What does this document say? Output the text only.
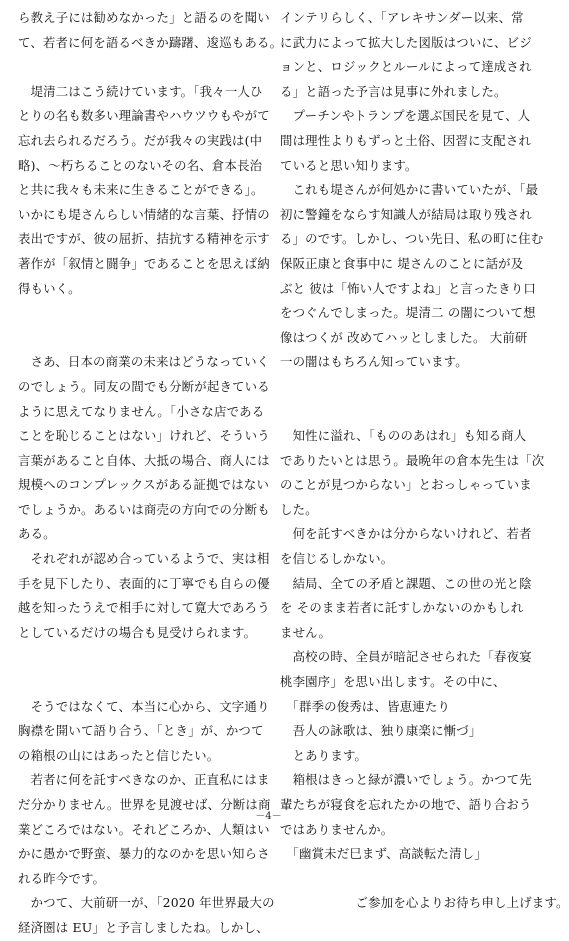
ら教え子には勧めなかった」と語るのを聞い
て、若者に何を語るべきか躊躇、逡巡もある。
　堤清二はこう続けています。「我々一人ひ
とりの名も数多い理論書やハウツウもやがて
忘れ去られるだろう。だが我々の実践は(中
略)、～朽ちることのないその名、倉本長治
と共に我々も未来に生きることができる」。
いかにも堤さんらしい情緒的な言葉、抒情の
表出ですが、彼の屈折、拮抗する精神を示す
著作が「叙情と闘争」であることを思えば納
得もいく。
　さあ、日本の商業の未来はどうなっていく
のでしょう。同友の間でも分断が起きている
ように思えてなりません。「小さな店である
ことを恥じることはない」けれど、そういう
言葉があること自体、大抵の場合、商人には
規模へのコンプレックスがある証拠ではない
でしょうか。あるいは商売の方向での分断も
ある。
　それぞれが認め合っているようで、実は相
手を見下したり、表面的に丁寧でも自らの優
越を知ったうえで相手に対して寛大であろう
としているだけの場合も見受けられます。
　そうではなくて、本当に心から、文字通り
胸襟を開いて語り合う、「とき」が、かつて
の箱根の山にはあったと信じたい。
　若者に何を託すべきなのか、正直私にはま
だ分かりません。世界を見渡せば、分断は商
業どころではない。それどころか、人類はい
かに愚かで野蛮、暴力的なのかを思い知らさ
れる昨今です。
　かつて、大前研一が、「2020 年世界最大の
経済圏は EU」と予言しましたね。しかし、
インテリらしく、「アレキサンダー以来、常
に武力によって拡大した図版はついに、ビジ
ョンと、ロジックとルールによって達成され
る」と語った予言は見事に外れました。
　プーチンやトランプを選ぶ国民を見て、人
間は理性よりもずっと土俗、因習に支配され
ていると思い知ります。
　これも堤さんが何処かに書いていたが、「最
初に警鐘をならす知識人が結局は取り残され
る」のです。しかし、つい先日、私の町に住む
保阪正康と食事中に 堤さんのことに話が及
ぶと 彼は「怖い人ですよね」と言ったきり口
をつぐんでしまった。堤清二 の闇について想
像はつくが 改めてハッとしました。 大前研
一の闇はもちろん知っています。
　知性に溢れ、「もののあはれ」も知る商人
でありたいとは思う。最晩年の倉本先生は「次
のことが見つからない」とおっしゃっていま
した。
　何を託すべきかは分からないけれど、若者
を信じるしかない。
　結局、全ての矛盾と課題、この世の光と陰
を そのまま若者に託すしかないのかもしれ
ません。
　高校の時、全員が暗記させられた「春夜宴
桃李園序」を思い出します。その中に、
　「群季の俊秀は、皆恵連たり
　吾人の詠歌は、独り康楽に慚づ」
　とあります。
　箱根はきっと緑が濃いでしょう。かつて先
輩たちが寝食を忘れたかの地で、語り合おう
ではありませんか。
　「幽賞未だ巳まず、高談転た清し」
　　　　　　ご参加を心よりお待ち申し上げます。
－4－
